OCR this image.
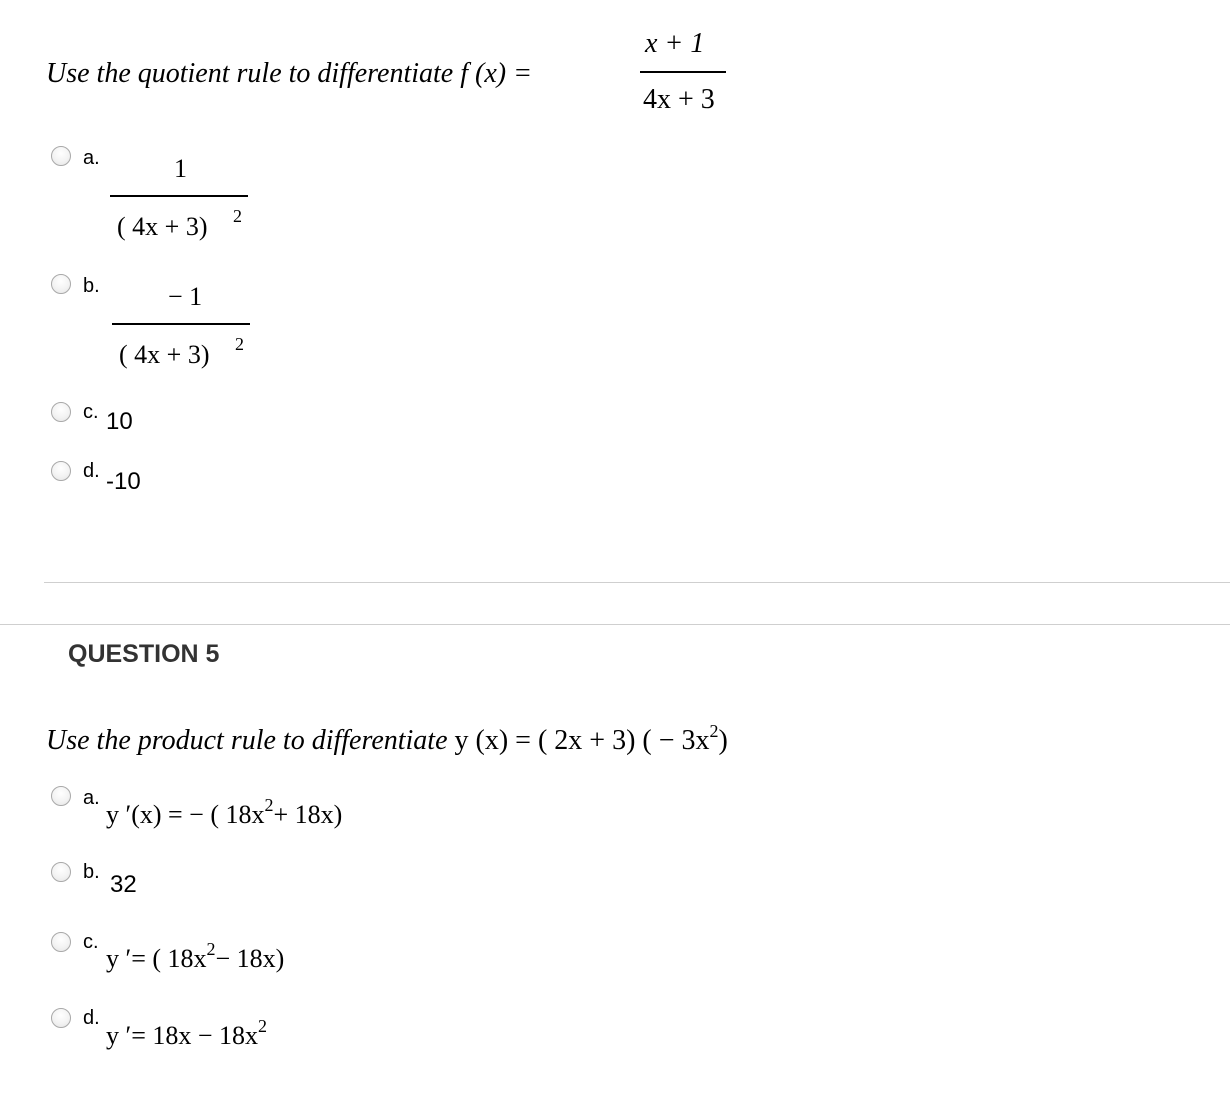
Use the quotient rule to differentiate f (x) =
x + 1
4x + 3
a.	1
( 4x + 3) 2
b.	− 1
( 4x + 3) 2
c. 10
d. -10
QUESTION 5
Use the product rule to differentiate y (x) = ( 2x + 3) ( − $3x^2$)
a.
y ′(x) = − ( $18x^2+ 18x$)
b. 32
c.
y ′= ( $18x^2- 18x$)
d.
y ′= $18x - 18x^2$
